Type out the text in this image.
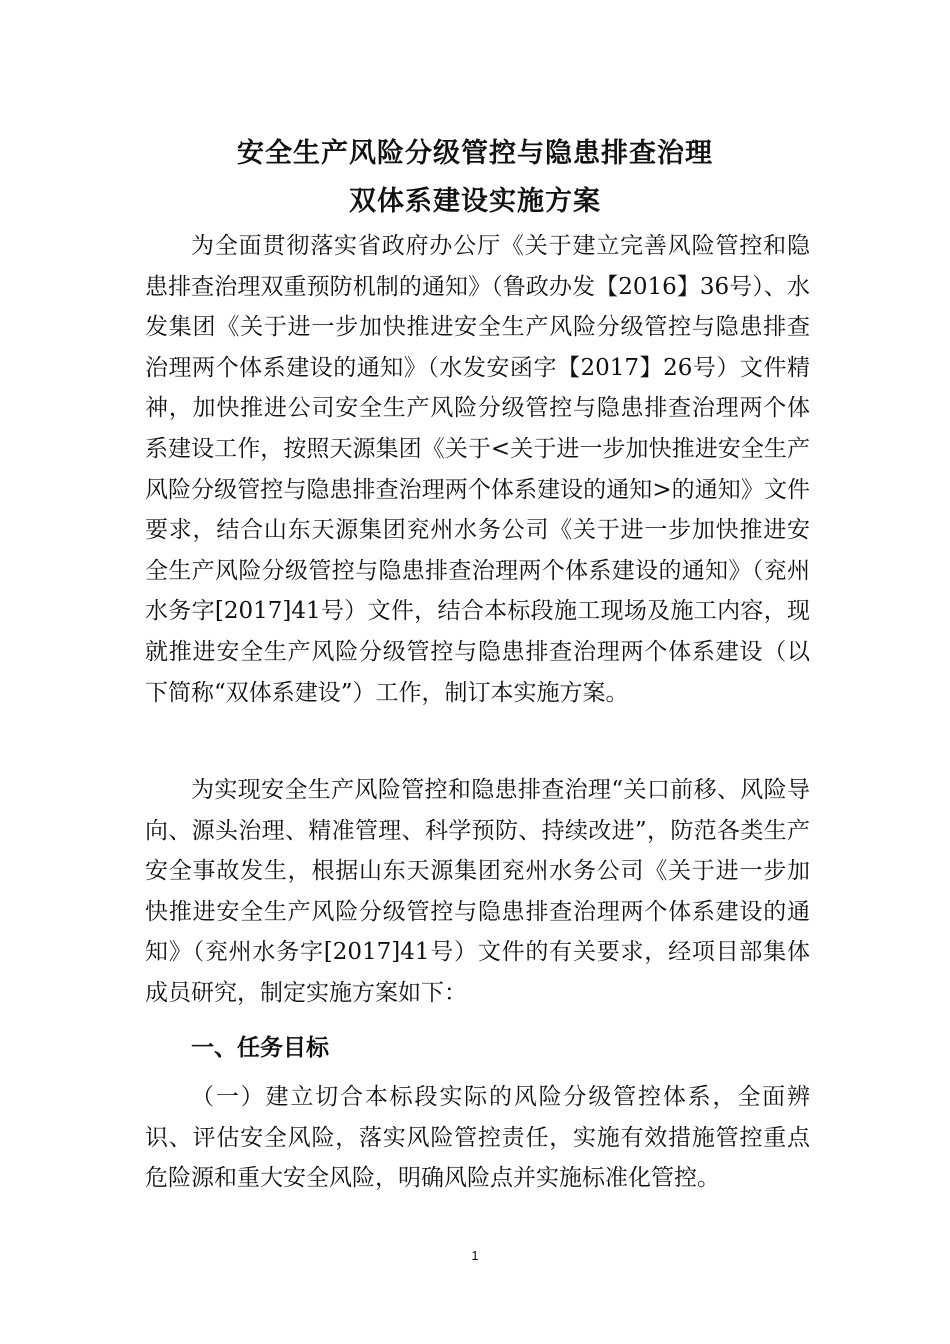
安全生产风险分级管控与隐患排查治理
双体系建设实施方案

为全面贯彻落实省政府办公厅《关于建立完善风险管控和隐患排查治理双重预防机制的通知》（鲁政办发【2016】36号）、水发集团《关于进一步加快推进安全生产风险分级管控与隐患排查治理两个体系建设的通知》（水发安函字【2017】26号）文件精神，加快推进公司安全生产风险分级管控与隐患排查治理两个体系建设工作，按照天源集团《关于<关于进一步加快推进安全生产风险分级管控与隐患排查治理两个体系建设的通知>的通知》文件要求，结合山东天源集团兖州水务公司《关于进一步加快推进安全生产风险分级管控与隐患排查治理两个体系建设的通知》（兖州水务字[2017]41号）文件，结合本标段施工现场及施工内容，现就推进安全生产风险分级管控与隐患排查治理两个体系建设（以下简称“双体系建设”）工作，制订本实施方案。

为实现安全生产风险管控和隐患排查治理“关口前移、风险导向、源头治理、精准管理、科学预防、持续改进”，防范各类生产安全事故发生，根据山东天源集团兖州水务公司《关于进一步加快推进安全生产风险分级管控与隐患排查治理两个体系建设的通知》（兖州水务字[2017]41号）文件的有关要求，经项目部集体成员研究，制定实施方案如下：

一、任务目标

（一）建立切合本标段实际的风险分级管控体系，全面辨识、评估安全风险，落实风险管控责任，实施有效措施管控重点危险源和重大安全风险，明确风险点并实施标准化管控。

1
